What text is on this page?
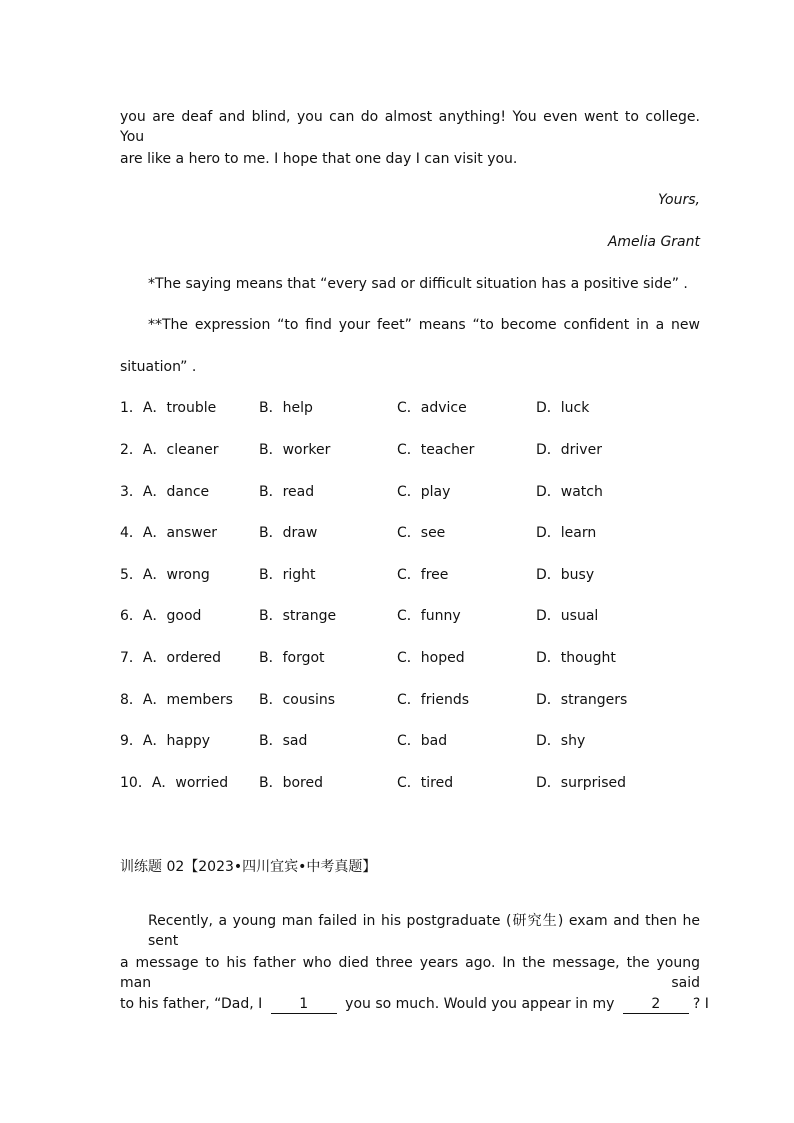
you are deaf and blind, you can do almost anything! You even went to college. You
are like a hero to me. I hope that one day I can visit you.
Yours,
Amelia Grant
*The saying means that “every sad or difficult situation has a positive side” .
**The expression “to find your feet” means “to become confident in a new
situation” .
1．A．trouble	B．help	C．advice	D．luck
2．A．cleaner	B．worker	C．teacher	D．driver
3．A．dance	B．read	C．play	D．watch
4．A．answer	B．draw	C．see	D．learn
5．A．wrong	B．right	C．free	D．busy
6．A．good	B．strange	C．funny	D．usual
7．A．ordered	B．forgot	C．hoped	D．thought
8．A．members B．cousins	C．friends	D．strangers
9．A．happy	B．sad	C．bad	D．shy
10．A．worried B．bored	C．tired	D．surprised
训练题 02【2023•四川宜宾•中考真题】
Recently, a young man failed in his postgraduate (研究生) exam and then he sent
a message to his father who died three years ago. In the message, the young man said
to his father, “Dad, I	1	you so much. Would you appear in my	2 ? I
